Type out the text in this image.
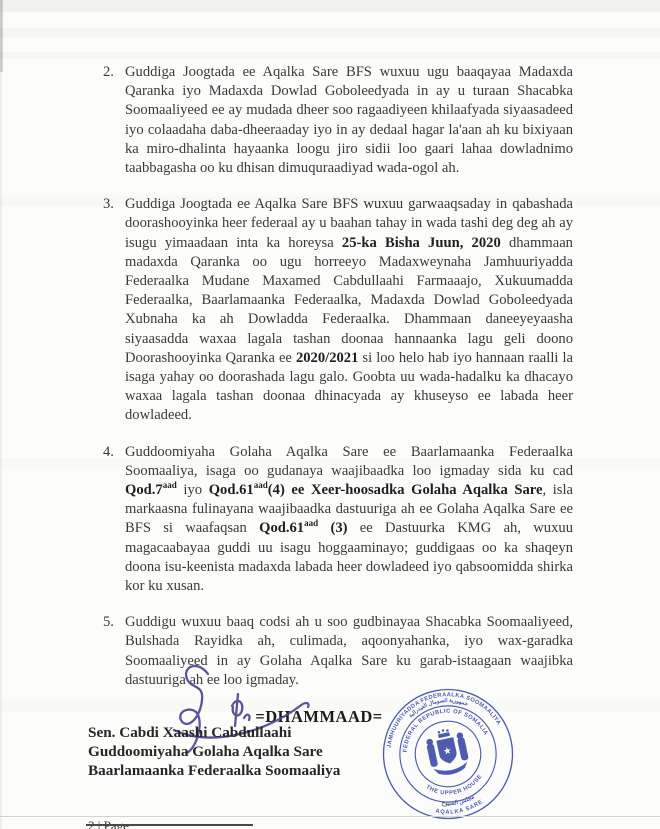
2. Guddiga Joogtada ee Aqalka Sare BFS wuxuu ugu baaqayaa Madaxda Qaranka iyo Madaxda Dowlad Goboleedyada in ay u turaan Shacabka Soomaaliyeed ee ay mudada dheer soo ragaadiyeen khilaafyada siyaasadeed iyo colaadaha daba-dheeraaday iyo in ay dedaal hagar la'aan ah ku bixiyaan ka miro-dhalinta hayaanka loogu jiro sidii loo gaari lahaa dowladnimo taabbagasha oo ku dhisan dimuquraadiyad wada-ogol ah.
3. Guddiga Joogtada ee Aqalka Sare BFS wuxuu garwaaqsaday in qabashada doorashooyinka heer federaal ay u baahan tahay in wada tashi deg deg ah ay isugu yimaadaan inta ka horeysa 25-ka Bisha Juun, 2020 dhammaan madaxda Qaranka oo ugu horreeyo Madaxweynaha Jamhuuriyadda Federaalka Mudane Maxamed Cabdullaahi Farmaaajo, Xukuumadda Federaalka, Baarlamaanka Federaalka, Madaxda Dowlad Goboleedyada Xubnaha ka ah Dowladda Federaalka. Dhammaan daneeyeyaasha siyaasadda waxaa lagala tashan doonaa hannaanka lagu geli doono Doorashooyinka Qaranka ee 2020/2021 si loo helo hab iyo hannaan raalli la isaga yahay oo doorashada lagu galo. Goobta uu wada-hadalku ka dhacayo waxaa lagala tashan doonaa dhinacyada ay khuseyso ee labada heer dowladeed.
4. Guddoomiyaha Golaha Aqalka Sare ee Baarlamaanka Federaalka Soomaaliya, isaga oo gudanaya waajibaadka loo igmaday sida ku cad Qod.7$^{aad}$ iyo Qod.61$^{aad}$(4) ee Xeer-hoosadka Golaha Aqalka Sare, isla markaasna fulinayana waajibaadka dastuuriga ah ee Golaha Aqalka Sare ee BFS si waafaqsan Qod.61$^{aad}$ (3) ee Dastuurka KMG ah, wuxuu magacaabayaa guddi uu isagu hoggaaminayo; guddigaas oo ka shaqeyn doona isu-keenista madaxda labada heer dowladeed iyo qabsoomidda shirka kor ku xusan.
5. Guddigu wuxuu baaq codsi ah u soo gudbinayaa Shacabka Soomaaliyeed, Bulshada Rayidka ah, culimada, aqoonyahanka, iyo wax-garadka Soomaaliyeed in ay Golaha Aqalka Sare ku garab-istaagaan waajibka dastuuriga ah ee loo igmaday.
=DHAMMAAD=
Sen. Cabdi Xaashi Cabdullaahi
Guddoomiyaha Golaha Aqalka Sare
Baarlamaanka Federaalka Soomaaliya
JAMHUURIYADDA FEDERAALKA SOOMAALIYA
جمهورية الصومال الفيدرالية
FEDERAL REPUBLIC OF SOMALIA
THE UPPER HOUSE
مجلس الشيوخ
AQALKA SARE
★
